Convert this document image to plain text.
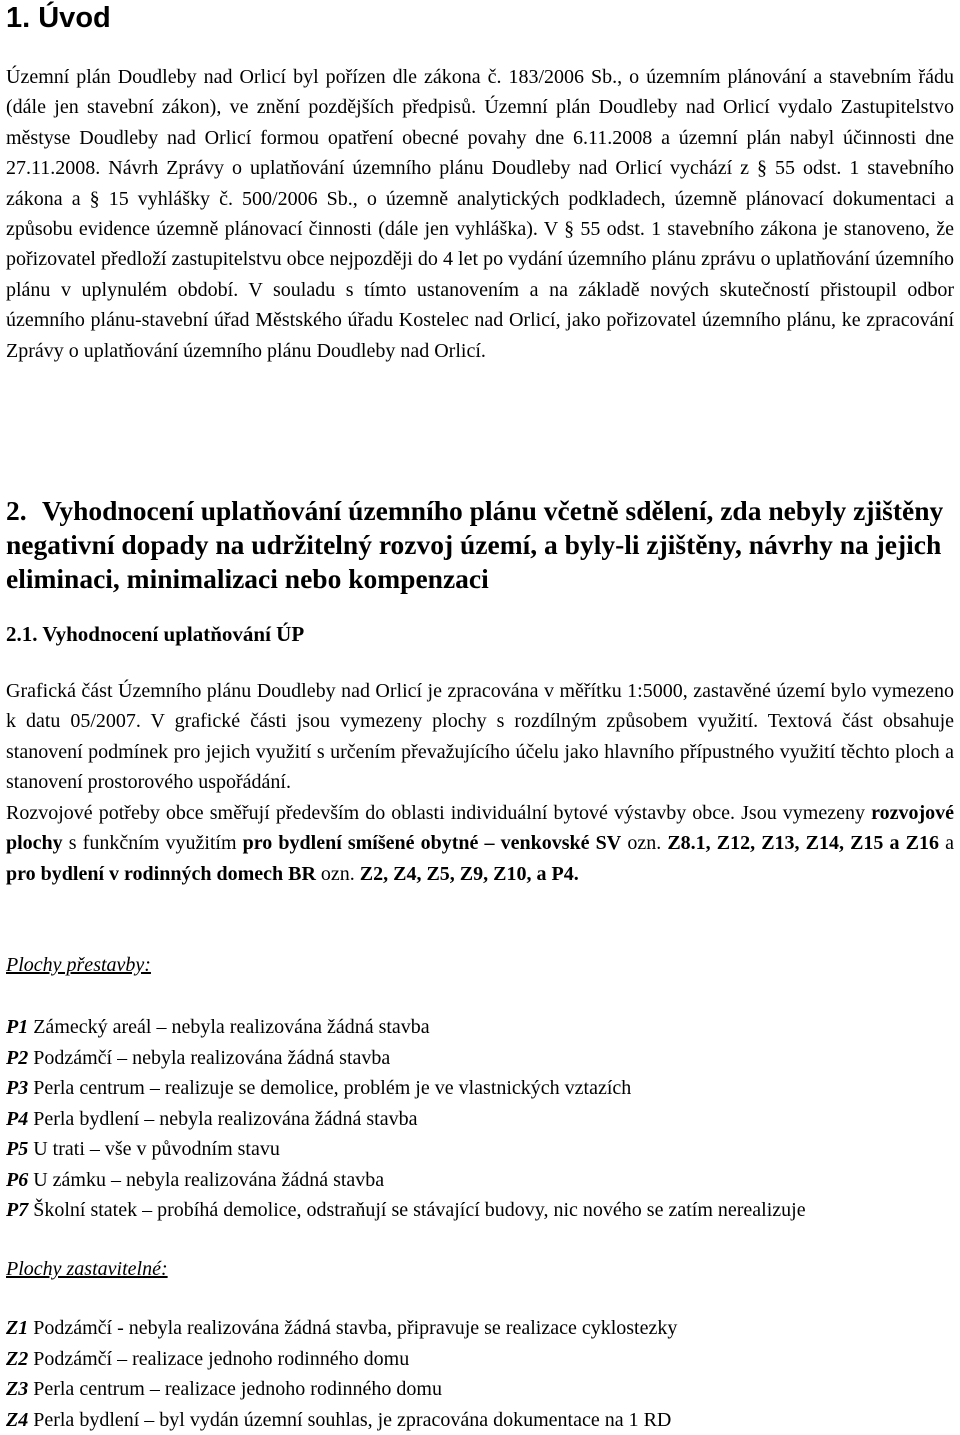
1. Úvod

Územní plán Doudleby nad Orlicí byl pořízen dle zákona č. 183/2006 Sb., o územním plánování a stavebním řádu (dále jen stavební zákon), ve znění pozdějších předpisů. Územní plán Doudleby nad Orlicí vydalo Zastupitelstvo městyse Doudleby nad Orlicí formou opatření obecné povahy dne 6.11.2008 a územní plán nabyl účinnosti dne 27.11.2008. Návrh Zprávy o uplatňování územního plánu Doudleby nad Orlicí vychází z § 55 odst. 1 stavebního zákona a § 15 vyhlášky č. 500/2006 Sb., o územně analytických podkladech, územně plánovací dokumentaci a způsobu evidence územně plánovací činnosti (dále jen vyhláška). V § 55 odst. 1 stavebního zákona je stanoveno, že pořizovatel předloží zastupitelstvu obce nejpozději do 4 let po vydání územního plánu zprávu o uplatňování územního plánu v uplynulém období. V souladu s tímto ustanovením a na základě nových skutečností přistoupil odbor územního plánu-stavební úřad Městského úřadu Kostelec nad Orlicí, jako pořizovatel územního plánu, ke zpracování Zprávy o uplatňování územního plánu Doudleby nad Orlicí.

2. Vyhodnocení uplatňování územního plánu včetně sdělení, zda nebyly zjištěny negativní dopady na udržitelný rozvoj území, a byly-li zjištěny, návrhy na jejich eliminaci, minimalizaci nebo kompenzaci
2.1. Vyhodnocení uplatňování ÚP

Grafická část Územního plánu Doudleby nad Orlicí je zpracována v měřítku 1:5000, zastavěné území bylo vymezeno k datu 05/2007. V grafické části jsou vymezeny plochy s rozdílným způsobem využití. Textová část obsahuje stanovení podmínek pro jejich využití s určením převažujícího účelu jako hlavního přípustného využití těchto ploch a stanovení prostorového uspořádání.

Rozvojové potřeby obce směřují především do oblasti individuální bytové výstavby obce. Jsou vymezeny rozvojové plochy s funkčním využitím pro bydlení smíšené obytné – venkovské SV ozn. Z8.1, Z12, Z13, Z14, Z15 a Z16 a pro bydlení v rodinných domech BR ozn. Z2, Z4, Z5, Z9, Z10, a P4.

Plochy přestavby:

P1 Zámecký areál – nebyla realizována žádná stavba
P2 Podzámčí – nebyla realizována žádná stavba
P3 Perla centrum – realizuje se demolice, problém je ve vlastnických vztazích
P4 Perla bydlení – nebyla realizována žádná stavba
P5 U trati – vše v původním stavu
P6 U zámku – nebyla realizována žádná stavba
P7 Školní statek – probíhá demolice, odstraňují se stávající budovy, nic nového se zatím nerealizuje

Plochy zastavitelné:

Z1 Podzámčí - nebyla realizována žádná stavba, připravuje se realizace cyklostezky
Z2 Podzámčí – realizace jednoho rodinného domu
Z3 Perla centrum – realizace jednoho rodinného domu
Z4 Perla bydlení – byl vydán územní souhlas, je zpracována dokumentace na 1 RD
